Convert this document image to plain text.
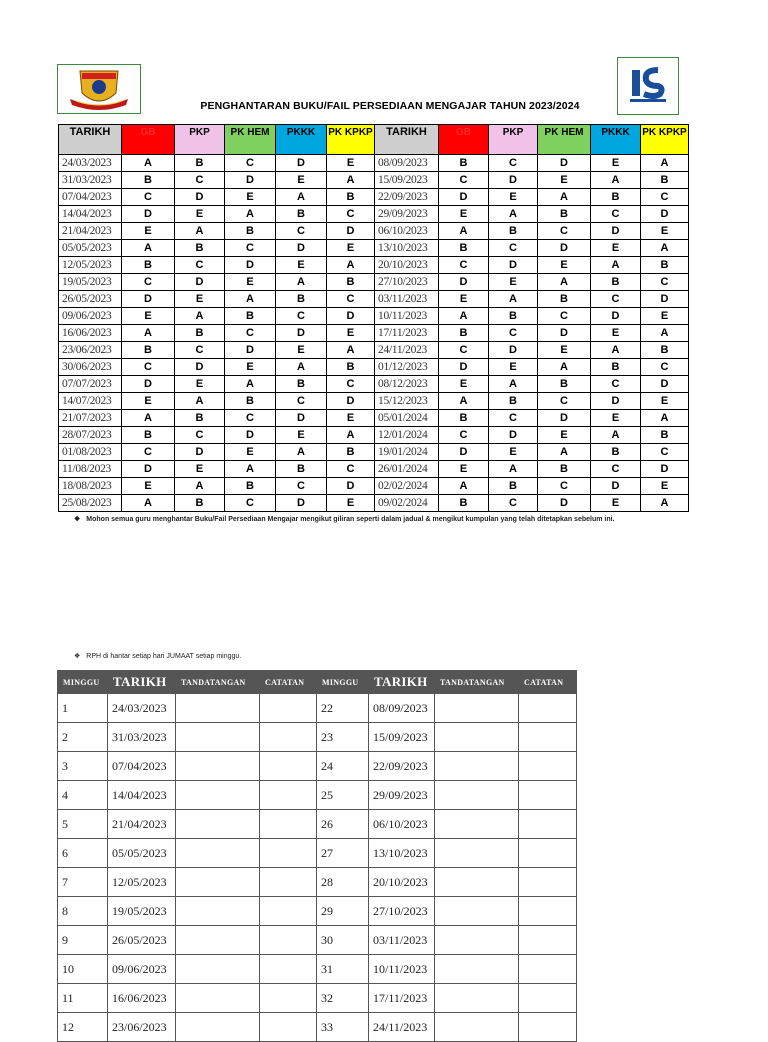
PENGHANTARAN BUKU/FAIL PERSEDIAAN MENGAJAR TAHUN 2023/2024
TARIKH	GB	PKP	PK HEM	PKKK	PK KPKP	TARIKH	GB	PKP	PK HEM	PKKK	PK KPKP
24/03/2023	A	B	C	D	E	08/09/2023	B	C	D	E	A
31/03/2023	B	C	D	E	A	15/09/2023	C	D	E	A	B
07/04/2023	C	D	E	A	B	22/09/2023	D	E	A	B	C
14/04/2023	D	E	A	B	C	29/09/2023	E	A	B	C	D
21/04/2023	E	A	B	C	D	06/10/2023	A	B	C	D	E
05/05/2023	A	B	C	D	E	13/10/2023	B	C	D	E	A
12/05/2023	B	C	D	E	A	20/10/2023	C	D	E	A	B
19/05/2023	C	D	E	A	B	27/10/2023	D	E	A	B	C
26/05/2023	D	E	A	B	C	03/11/2023	E	A	B	C	D
09/06/2023	E	A	B	C	D	10/11/2023	A	B	C	D	E
16/06/2023	A	B	C	D	E	17/11/2023	B	C	D	E	A
23/06/2023	B	C	D	E	A	24/11/2023	C	D	E	A	B
30/06/2023	C	D	E	A	B	01/12/2023	D	E	A	B	C
07/07/2023	D	E	A	B	C	08/12/2023	E	A	B	C	D
14/07/2023	E	A	B	C	D	15/12/2023	A	B	C	D	E
21/07/2023	A	B	C	D	E	05/01/2024	B	C	D	E	A
28/07/2023	B	C	D	E	A	12/01/2024	C	D	E	A	B
01/08/2023	C	D	E	A	B	19/01/2024	D	E	A	B	C
11/08/2023	D	E	A	B	C	26/01/2024	E	A	B	C	D
18/08/2023	E	A	B	C	D	02/02/2024	A	B	C	D	E
25/08/2023	A	B	C	D	E	09/02/2024	B	C	D	E	A
❖ Mohon semua guru menghantar Buku/Fail Persediaan Mengajar mengikut giliran seperti dalam jadual & mengikut kumpulan yang telah ditetapkan sebelum ini.
❖ RPH di hantar setiap hari JUMAAT setiap minggu.
MINGGU	TARIKH	TANDATANGAN	CATATAN	MINGGU	TARIKH	TANDATANGAN	CATATAN
1	24/03/2023			22	08/09/2023		
2	31/03/2023			23	15/09/2023		
3	07/04/2023			24	22/09/2023		
4	14/04/2023			25	29/09/2023		
5	21/04/2023			26	06/10/2023		
6	05/05/2023			27	13/10/2023		
7	12/05/2023			28	20/10/2023		
8	19/05/2023			29	27/10/2023		
9	26/05/2023			30	03/11/2023		
10	09/06/2023			31	10/11/2023		
11	16/06/2023			32	17/11/2023		
12	23/06/2023			33	24/11/2023		
